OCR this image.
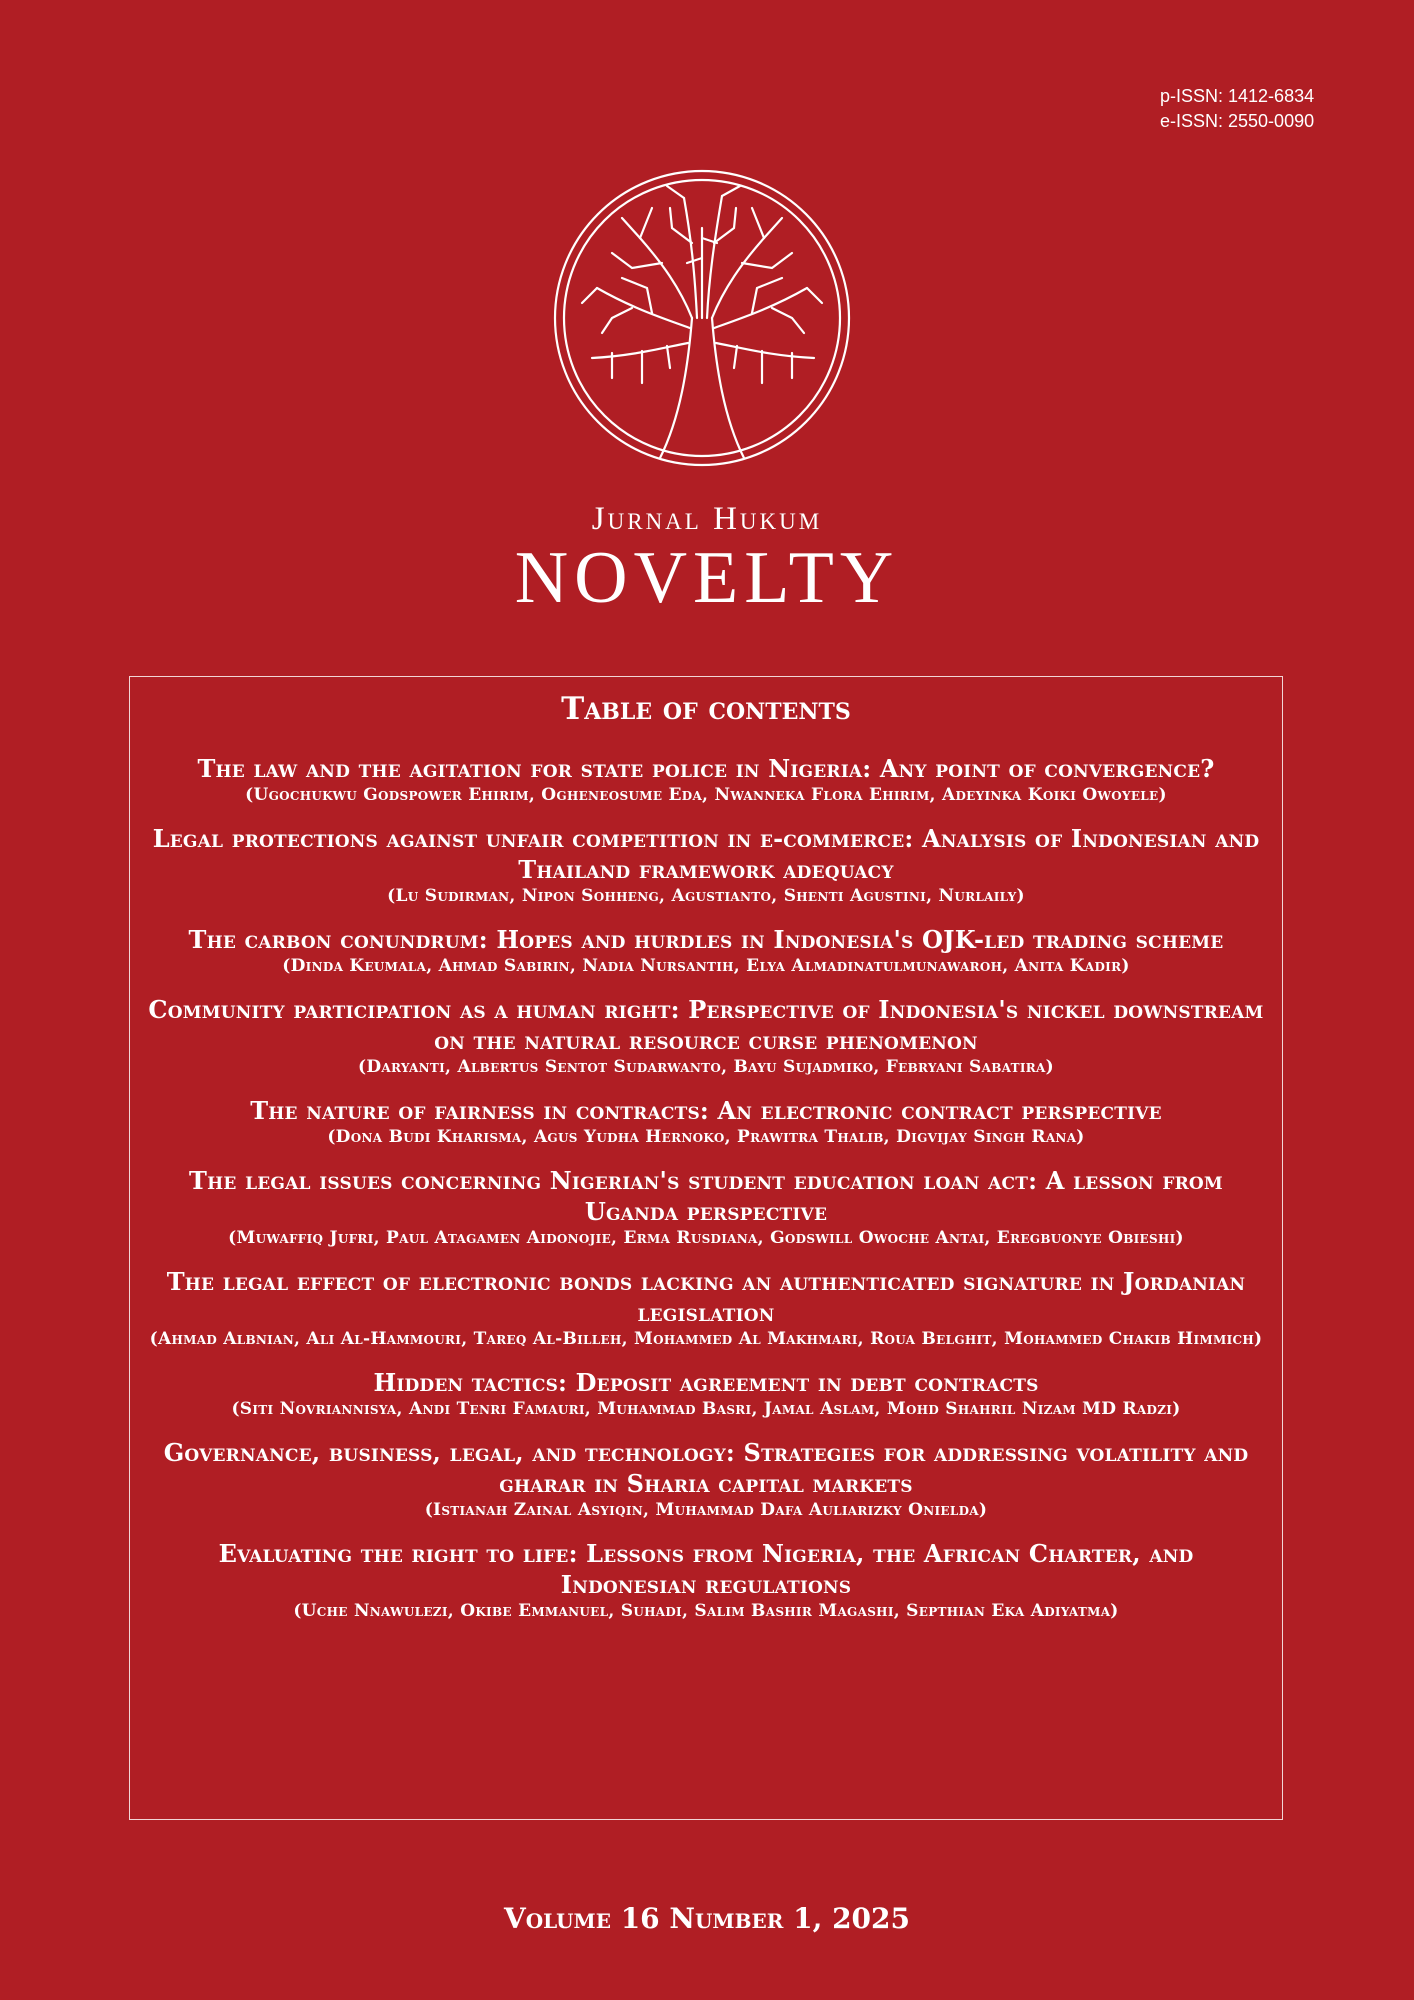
p-ISSN: 1412-6834
e-ISSN: 2550-0090
Jurnal Hukum
NOVELTY
Table of contents
The law and the agitation for state police in Nigeria: Any point of convergence?
(Ugochukwu Godspower Ehirim, Ogheneosume Eda, Nwanneka Flora Ehirim, Adeyinka Koiki Owoyele)
Legal protections against unfair competition in e-commerce: Analysis of Indonesian and Thailand framework adequacy
(Lu Sudirman, Nipon Sohheng, Agustianto, Shenti Agustini, Nurlaily)
The carbon conundrum: Hopes and hurdles in Indonesia's OJK-led trading scheme
(Dinda Keumala, Ahmad Sabirin, Nadia Nursantih, Elya Almadinatulmunawaroh, Anita Kadir)
Community participation as a human right: Perspective of Indonesia's nickel downstream on the natural resource curse phenomenon
(Daryanti, Albertus Sentot Sudarwanto, Bayu Sujadmiko, Febryani Sabatira)
The nature of fairness in contracts: An electronic contract perspective
(Dona Budi Kharisma, Agus Yudha Hernoko, Prawitra Thalib, Digvijay Singh Rana)
The legal issues concerning Nigerian's student education loan act: A lesson from Uganda perspective
(Muwaffiq Jufri, Paul Atagamen Aidonojie, Erma Rusdiana, Godswill Owoche Antai, Eregbuonye Obieshi)
The legal effect of electronic bonds lacking an authenticated signature in Jordanian legislation
(Ahmad Albnian, Ali Al-Hammouri, Tareq Al-Billeh, Mohammed Al Makhmari, Roua Belghit, Mohammed Chakib Himmich)
Hidden tactics: Deposit agreement in debt contracts
(Siti Novriannisya, Andi Tenri Famauri, Muhammad Basri, Jamal Aslam, Mohd Shahril Nizam MD Radzi)
Governance, business, legal, and technology: Strategies for addressing volatility and gharar in Sharia capital markets
(Istianah Zainal Asyiqin, Muhammad Dafa Auliarizky Onielda)
Evaluating the right to life: Lessons from Nigeria, the African Charter, and Indonesian regulations
(Uche Nnawulezi, Okibe Emmanuel, Suhadi, Salim Bashir Magashi, Septhian Eka Adiyatma)
Volume 16 Number 1, 2025
